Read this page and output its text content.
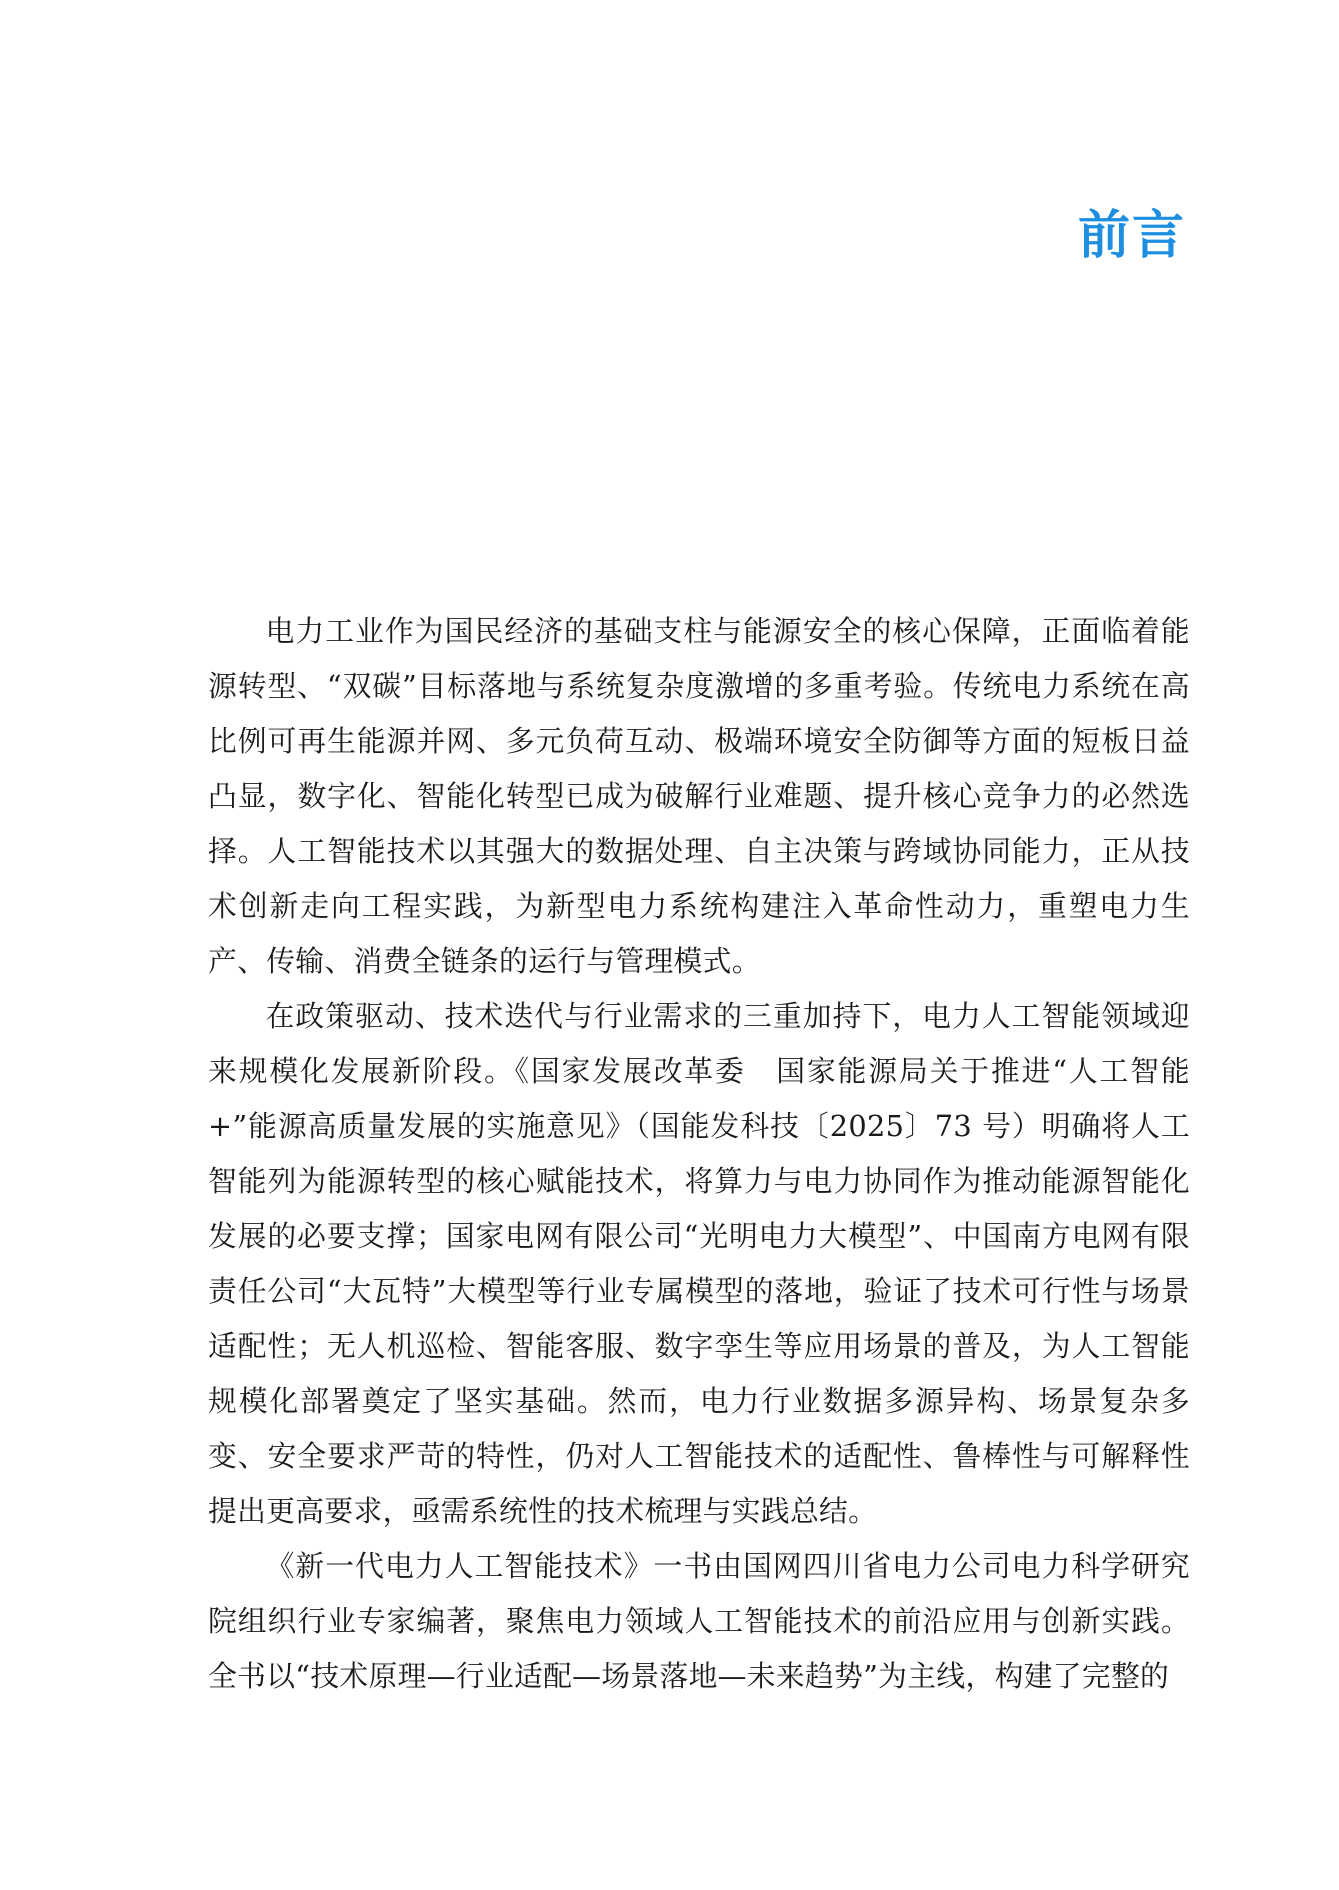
前言

电力工业作为国民经济的基础支柱与能源安全的核心保障，正面临着能源转型、“双碳”目标落地与系统复杂度激增的多重考验。传统电力系统在高比例可再生能源并网、多元负荷互动、极端环境安全防御等方面的短板日益凸显，数字化、智能化转型已成为破解行业难题、提升核心竞争力的必然选择。人工智能技术以其强大的数据处理、自主决策与跨域协同能力，正从技术创新走向工程实践，为新型电力系统构建注入革命性动力，重塑电力生产、传输、消费全链条的运行与管理模式。

在政策驱动、技术迭代与行业需求的三重加持下，电力人工智能领域迎来规模化发展新阶段。《国家发展改革委　国家能源局关于推进“人工智能 +”能源高质量发展的实施意见》（国能发科技〔2025〕73 号）明确将人工智能列为能源转型的核心赋能技术，将算力与电力协同作为推动能源智能化发展的必要支撑；国家电网有限公司“光明电力大模型”、中国南方电网有限责任公司“大瓦特”大模型等行业专属模型的落地，验证了技术可行性与场景适配性；无人机巡检、智能客服、数字孪生等应用场景的普及，为人工智能规模化部署奠定了坚实基础。然而，电力行业数据多源异构、场景复杂多变、安全要求严苛的特性，仍对人工智能技术的适配性、鲁棒性与可解释性提出更高要求，亟需系统性的技术梳理与实践总结。

《新一代电力人工智能技术》一书由国网四川省电力公司电力科学研究院组织行业专家编著，聚焦电力领域人工智能技术的前沿应用与创新实践。全书以“技术原理—行业适配—场景落地—未来趋势”为主线，构建了完整的
